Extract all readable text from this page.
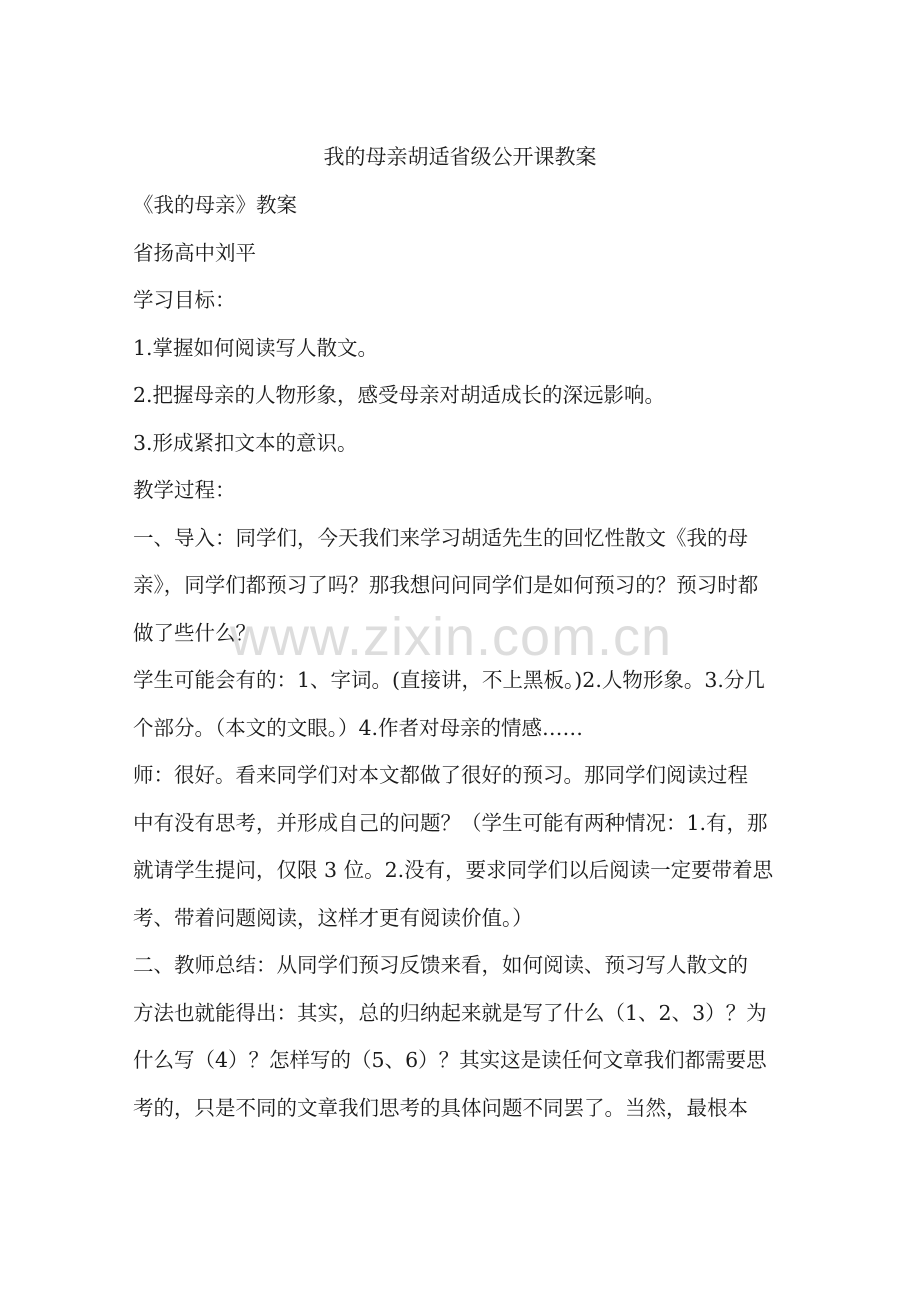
我的母亲胡适省级公开课教案

《我的母亲》教案

省扬高中刘平

学习目标：

1.掌握如何阅读写人散文。

2.把握母亲的人物形象，感受母亲对胡适成长的深远影响。

3.形成紧扣文本的意识。

教学过程：

一、导入：同学们，今天我们来学习胡适先生的回忆性散文《我的母

亲》，同学们都预习了吗？那我想问问同学们是如何预习的？预习时都

做了些什么？

学生可能会有的：1、字词。(直接讲，不上黑板。)2.人物形象。3.分几

个部分。（本文的文眼。）4.作者对母亲的情感……

师：很好。看来同学们对本文都做了很好的预习。那同学们阅读过程

中有没有思考，并形成自己的问题？（学生可能有两种情况：1.有，那

就请学生提问，仅限 3 位。2.没有，要求同学们以后阅读一定要带着思

考、带着问题阅读，这样才更有阅读价值。）

二、教师总结：从同学们预习反馈来看，如何阅读、预习写人散文的

方法也就能得出：其实，总的归纳起来就是写了什么（1、2、3）？为

什么写（4）？怎样写的（5、6）？其实这是读任何文章我们都需要思

考的，只是不同的文章我们思考的具体问题不同罢了。当然，最根本

www.zixin.com.cn
